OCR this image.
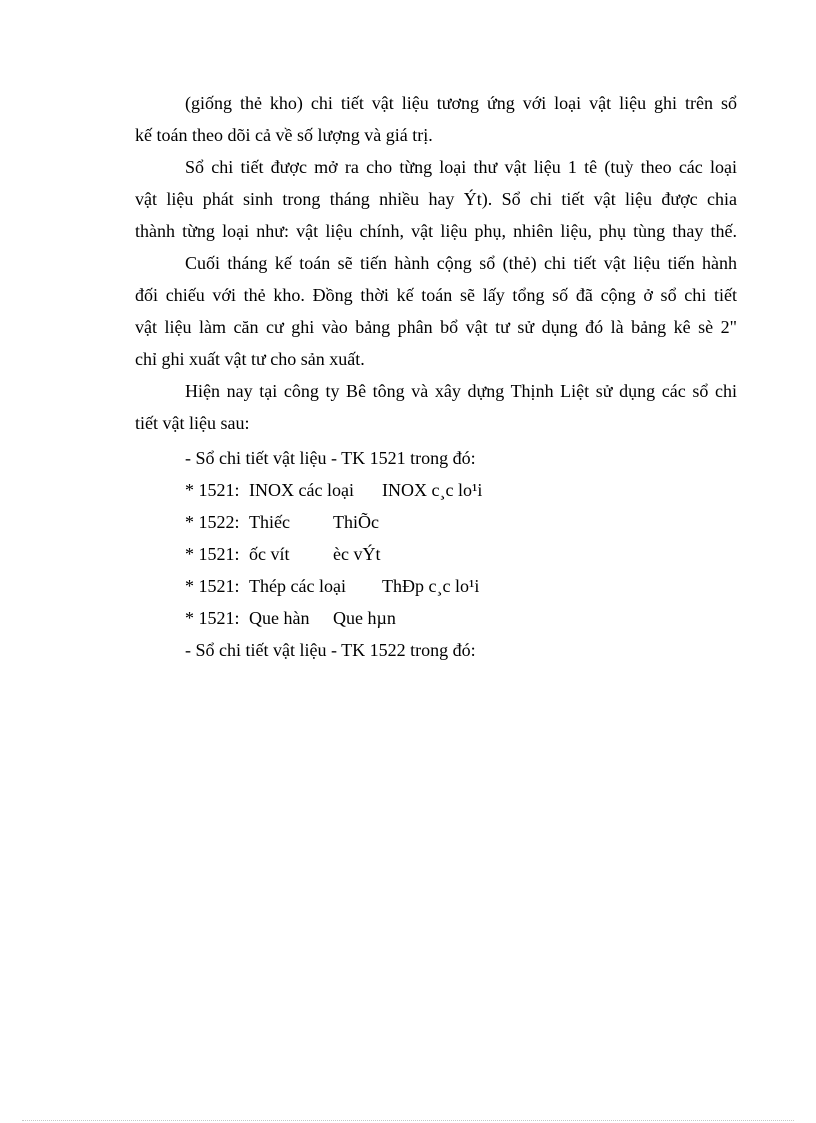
(giống thẻ kho) chi tiết vật liệu tương ứng với loại vật liệu ghi trên sổ
kế toán theo dõi cả về số lượng và giá trị.
Sổ chi tiết được mở ra cho từng loại thư vật liệu 1 tê (tuỳ theo các loại
vật liệu phát sinh trong tháng nhiều hay Ýt). Sổ chi tiết vật liệu được chia
thành từng loại như: vật liệu chính, vật liệu phụ, nhiên liệu, phụ tùng thay thế.
Cuối tháng kế toán sẽ tiến hành cộng sổ (thẻ) chi tiết vật liệu tiến hành
đối chiếu với thẻ kho. Đồng thời kế toán sẽ lấy tổng số đã cộng ở sổ chi tiết
vật liệu làm căn cư ghi vào bảng phân bổ vật tư sử dụng đó là bảng kê sè 2"
chỉ ghi xuất vật tư cho sản xuất.
Hiện nay tại công ty Bê tông và xây dựng Thịnh Liệt sử dụng các sổ chi
tiết vật liệu sau:
- Sổ chi tiết vật liệu - TK 1521 trong đó:
* 1521: INOX các loại INOX c¸c lo¹i
* 1522: Thiếc ThiÕc
* 1521: ốc vít èc vÝt
* 1521: Thép các loại ThÐp c¸c lo¹i
* 1521: Que hàn Que hµn
- Sổ chi tiết vật liệu - TK 1522 trong đó:
